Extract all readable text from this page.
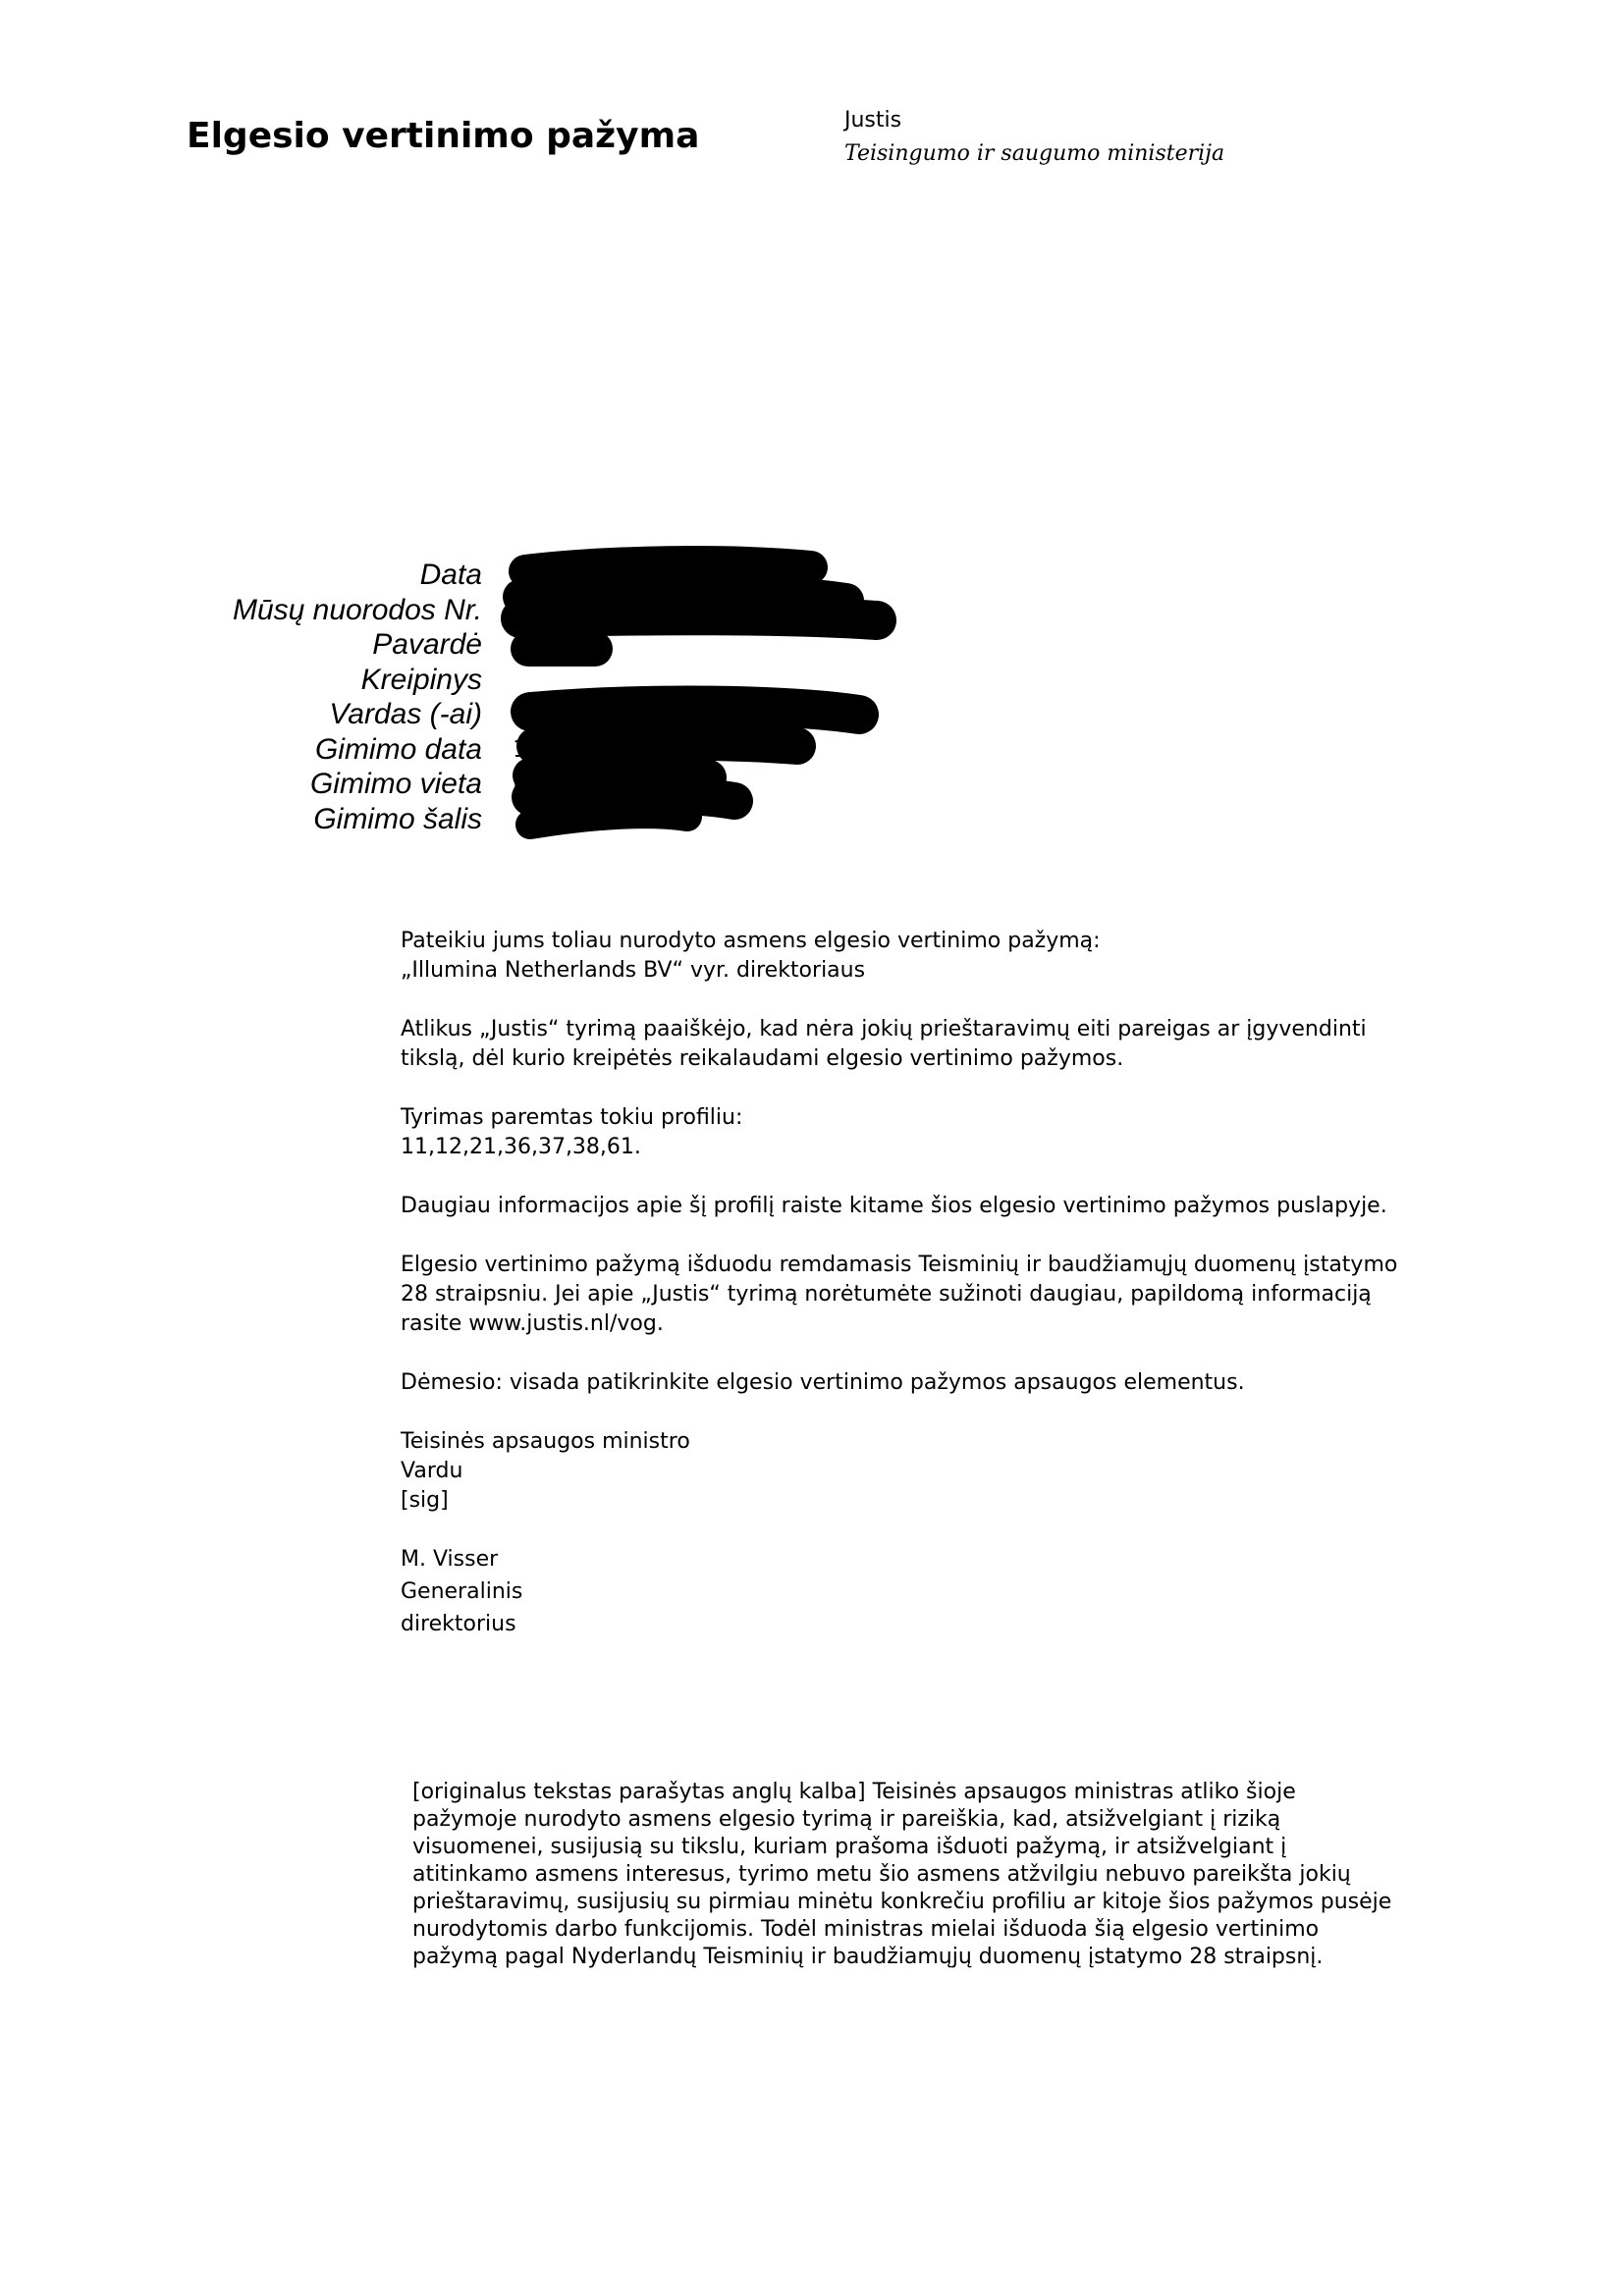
Elgesio vertinimo pažyma	Justis
Teisingumo ir saugumo ministerija
Data
Mūsų nuorodos Nr.
Pavardė
Kreipinys
Vardas (-ai)
Gimimo data
Gimimo vieta
Gimimo šalis
I
1
I
d.
Pateikiu jums toliau nurodyto asmens elgesio vertinimo pažymą:
„Illumina Netherlands BV“ vyr. direktoriaus
Atlikus „Justis“ tyrimą paaiškėjo, kad nėra jokių prieštaravimų eiti pareigas ar įgyvendinti
tikslą, dėl kurio kreipėtės reikalaudami elgesio vertinimo pažymos.
Tyrimas paremtas tokiu profiliu:
11,12,21,36,37,38,61.
Daugiau informacijos apie šį profilį raiste kitame šios elgesio vertinimo pažymos puslapyje.
Elgesio vertinimo pažymą išduodu remdamasis Teisminių ir baudžiamųjų duomenų įstatymo
28 straipsniu. Jei apie „Justis“ tyrimą norėtumėte sužinoti daugiau, papildomą informaciją
rasite www.justis.nl/vog.
Dėmesio: visada patikrinkite elgesio vertinimo pažymos apsaugos elementus.
Teisinės apsaugos ministro
Vardu
[sig]
M. Visser
Generalinis
direktorius
[originalus tekstas parašytas anglų kalba] Teisinės apsaugos ministras atliko šioje
pažymoje nurodyto asmens elgesio tyrimą ir pareiškia, kad, atsižvelgiant į riziką
visuomenei, susijusią su tikslu, kuriam prašoma išduoti pažymą, ir atsižvelgiant į
atitinkamo asmens interesus, tyrimo metu šio asmens atžvilgiu nebuvo pareikšta jokių
prieštaravimų, susijusių su pirmiau minėtu konkrečiu profiliu ar kitoje šios pažymos pusėje
nurodytomis darbo funkcijomis. Todėl ministras mielai išduoda šią elgesio vertinimo
pažymą pagal Nyderlandų Teisminių ir baudžiamųjų duomenų įstatymo 28 straipsnį.
